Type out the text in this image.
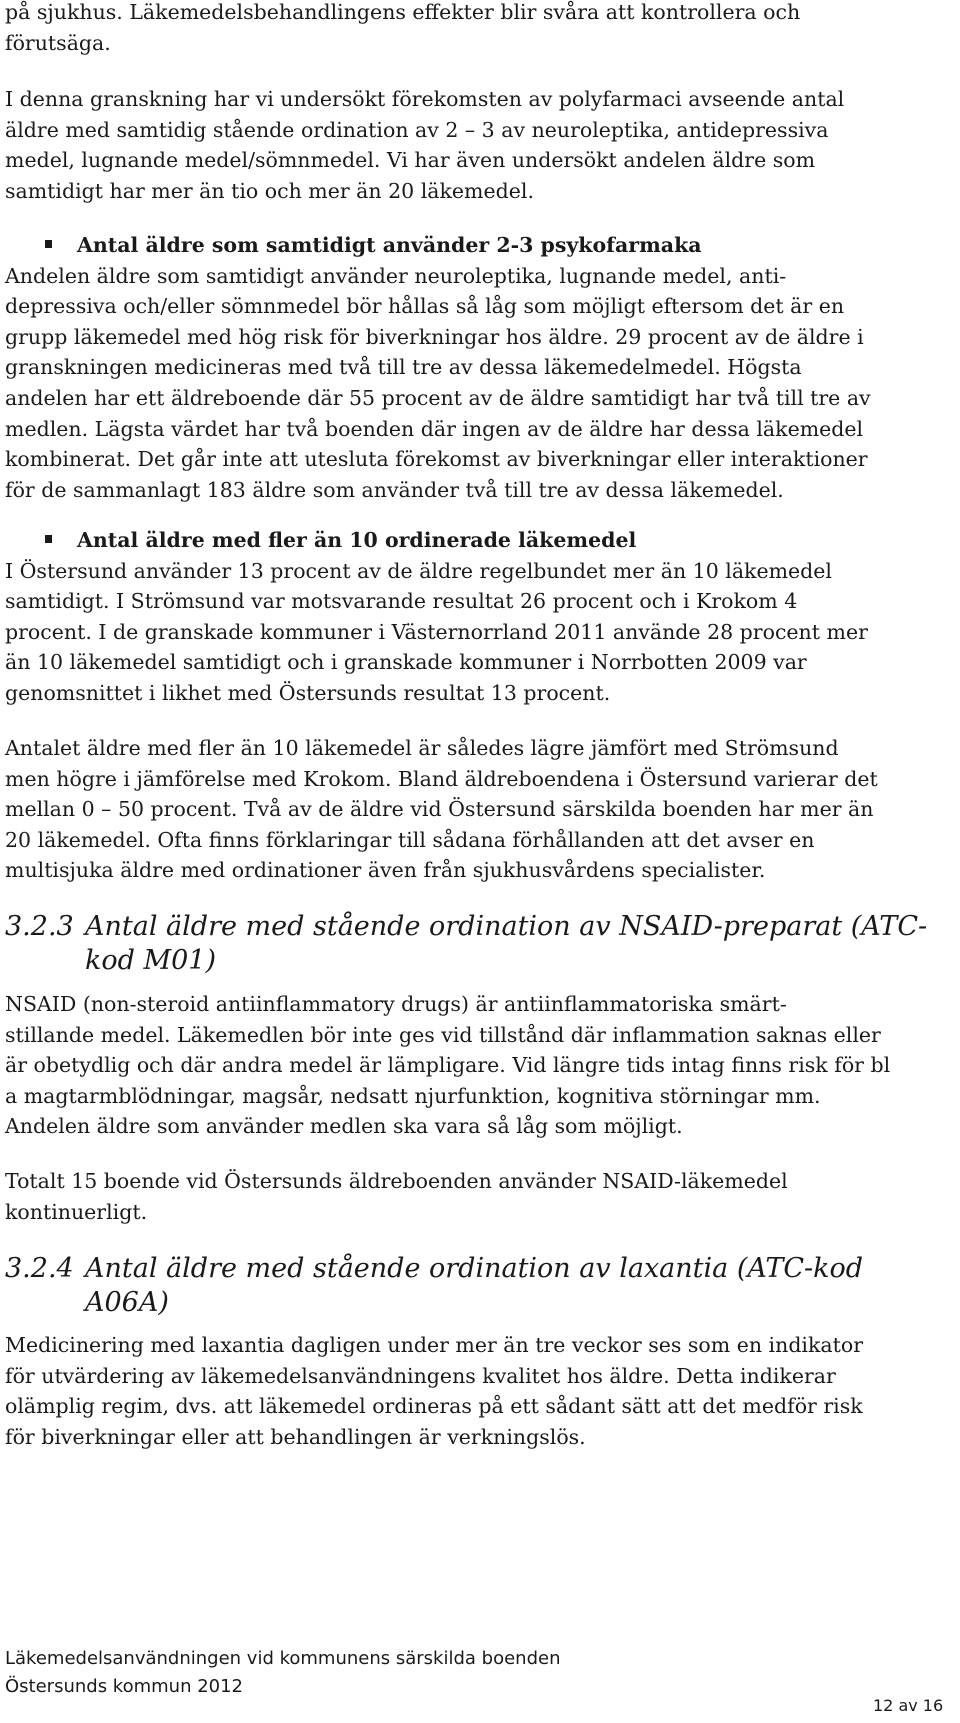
på sjukhus. Läkemedelsbehandlingens effekter blir svåra att kontrollera och
förutsäga.

I denna granskning har vi undersökt förekomsten av polyfarmaci avseende antal
äldre med samtidig stående ordination av 2 – 3 av neuroleptika, antidepressiva
medel, lugnande medel/sömnmedel. Vi har även undersökt andelen äldre som
samtidigt har mer än tio och mer än 20 läkemedel.

Antal äldre som samtidigt använder 2-3 psykofarmaka

Andelen äldre som samtidigt använder neuroleptika, lugnande medel, anti-
depressiva och/eller sömnmedel bör hållas så låg som möjligt eftersom det är en
grupp läkemedel med hög risk för biverkningar hos äldre. 29 procent av de äldre i
granskningen medicineras med två till tre av dessa läkemedelmedel. Högsta
andelen har ett äldreboende där 55 procent av de äldre samtidigt har två till tre av
medlen. Lägsta värdet har två boenden där ingen av de äldre har dessa läkemedel
kombinerat. Det går inte att utesluta förekomst av biverkningar eller interaktioner
för de sammanlagt 183 äldre som använder två till tre av dessa läkemedel.

Antal äldre med fler än 10 ordinerade läkemedel

I Östersund använder 13 procent av de äldre regelbundet mer än 10 läkemedel
samtidigt. I Strömsund var motsvarande resultat 26 procent och i Krokom 4
procent. I de granskade kommuner i Västernorrland 2011 använde 28 procent mer
än 10 läkemedel samtidigt och i granskade kommuner i Norrbotten 2009 var
genomsnittet i likhet med Östersunds resultat 13 procent.

Antalet äldre med fler än 10 läkemedel är således lägre jämfört med Strömsund
men högre i jämförelse med Krokom. Bland äldreboendena i Östersund varierar det
mellan 0 – 50 procent. Två av de äldre vid Östersund särskilda boenden har mer än
20 läkemedel. Ofta finns förklaringar till sådana förhållanden att det avser en
multisjuka äldre med ordinationer även från sjukhusvårdens specialister.

3.2.3 Antal äldre med stående ordination av NSAID-preparat (ATC-
kod M01)

NSAID (non-steroid antiinflammatory drugs) är antiinflammatoriska smärt-
stillande medel. Läkemedlen bör inte ges vid tillstånd där inflammation saknas eller
är obetydlig och där andra medel är lämpligare. Vid längre tids intag finns risk för bl
a magtarmblödningar, magsår, nedsatt njurfunktion, kognitiva störningar mm.
Andelen äldre som använder medlen ska vara så låg som möjligt.

Totalt 15 boende vid Östersunds äldreboenden använder NSAID-läkemedel
kontinuerligt.

3.2.4 Antal äldre med stående ordination av laxantia (ATC-kod
A06A)

Medicinering med laxantia dagligen under mer än tre veckor ses som en indikator
för utvärdering av läkemedelsanvändningens kvalitet hos äldre. Detta indikerar
olämplig regim, dvs. att läkemedel ordineras på ett sådant sätt att det medför risk
för biverkningar eller att behandlingen är verkningslös.

Läkemedelsanvändningen vid kommunens särskilda boenden
Östersunds kommun 2012
12 av 16
